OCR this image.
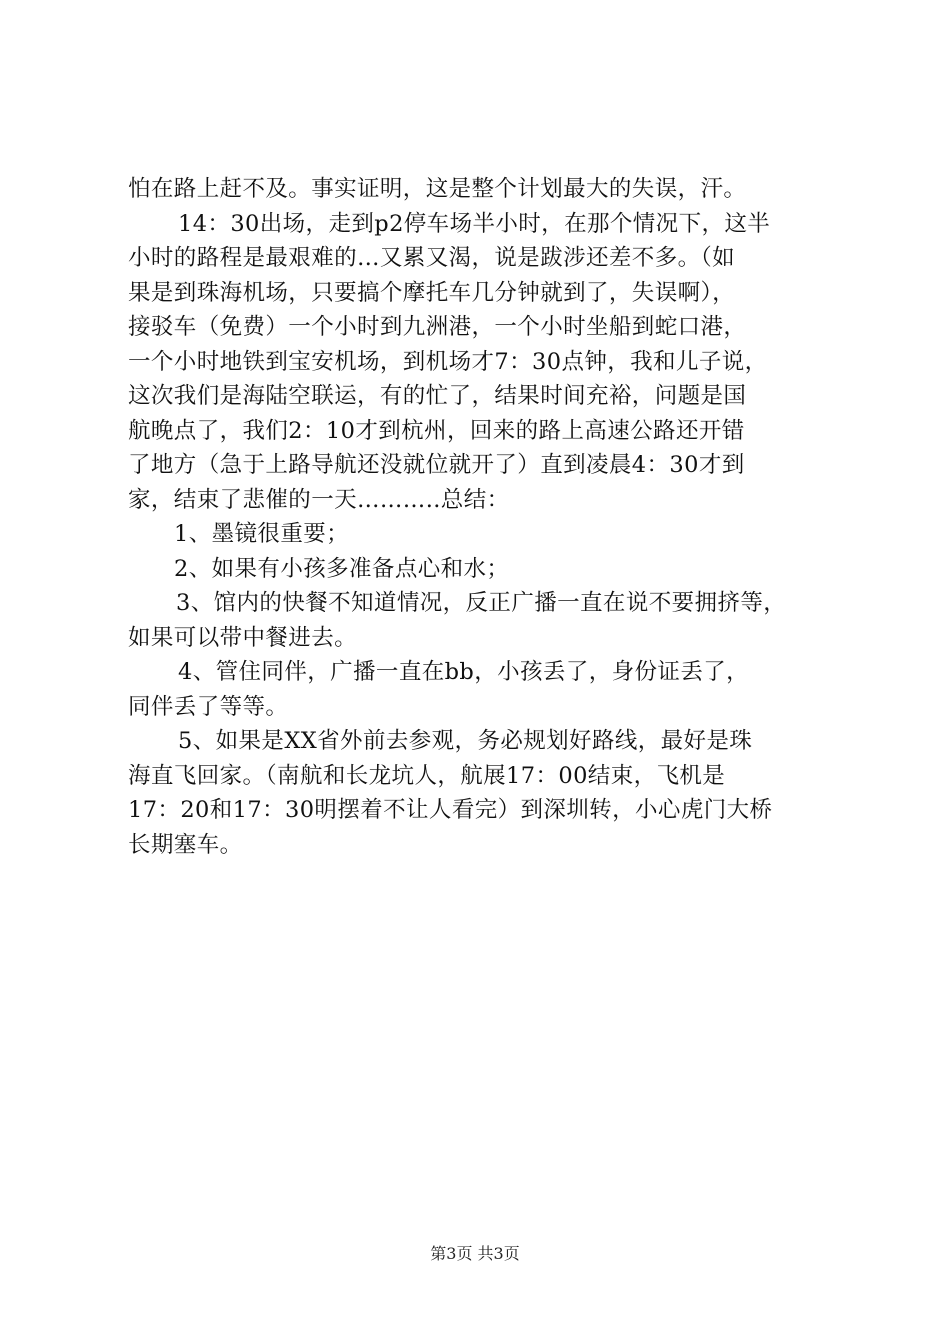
怕在路上赶不及。事实证明，这是整个计划最大的失误，汗。
14：30出场，走到p2停车场半小时，在那个情况下，这半
小时的路程是最艰难的…又累又渴，说是跋涉还差不多。（如
果是到珠海机场，只要搞个摩托车几分钟就到了，失误啊），
接驳车（免费）一个小时到九洲港，一个小时坐船到蛇口港，
一个小时地铁到宝安机场，到机场才7：30点钟，我和儿子说，
这次我们是海陆空联运，有的忙了，结果时间充裕，问题是国
航晚点了，我们2：10才到杭州，回来的路上高速公路还开错
了地方（急于上路导航还没就位就开了）直到凌晨4：30才到
家，结束了悲催的一天………..总结：
1、墨镜很重要；
2、如果有小孩多准备点心和水；
3、馆内的快餐不知道情况，反正广播一直在说不要拥挤等，
如果可以带中餐进去。
4、管住同伴，广播一直在bb，小孩丢了，身份证丢了，
同伴丢了等等。
5、如果是XX省外前去参观，务必规划好路线，最好是珠
海直飞回家。（南航和长龙坑人，航展17：00结束，飞机是
17：20和17：30明摆着不让人看完）到深圳转，小心虎门大桥
长期塞车。
第3页 共3页
